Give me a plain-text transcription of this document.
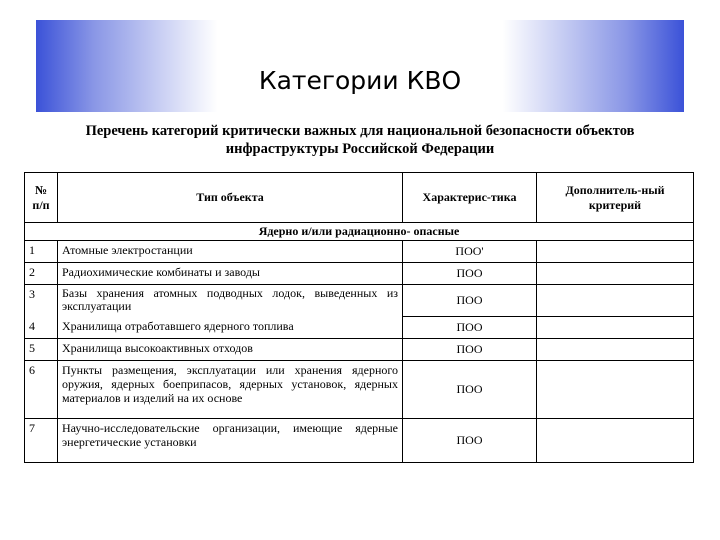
Категории КВО
Перечень категорий критически важных для национальной безопасности объектов инфраструктуры Российской Федерации
№ п/п	Тип объекта	Характерис-тика	Дополнитель-ный критерий
Ядерно и/или радиационно- опасные			
1	Атомные электростанции	ПОО'	
2	Радиохимические комбинаты и заводы	ПОО	
3	Базы хранения атомных подводных лодок, выведенных из эксплуатации	ПОО	
4	Хранилища отработавшего ядерного топлива	ПОО	
5	Хранилища высокоактивных отходов	ПОО	
6	Пункты размещения, эксплуатации или хранения ядерного оружия, ядерных боеприпасов, ядерных установок, ядерных материалов и изделий на их основе	ПОО	
7	Научно-исследовательские организации, имеющие ядерные энергетические установки	ПОО	
